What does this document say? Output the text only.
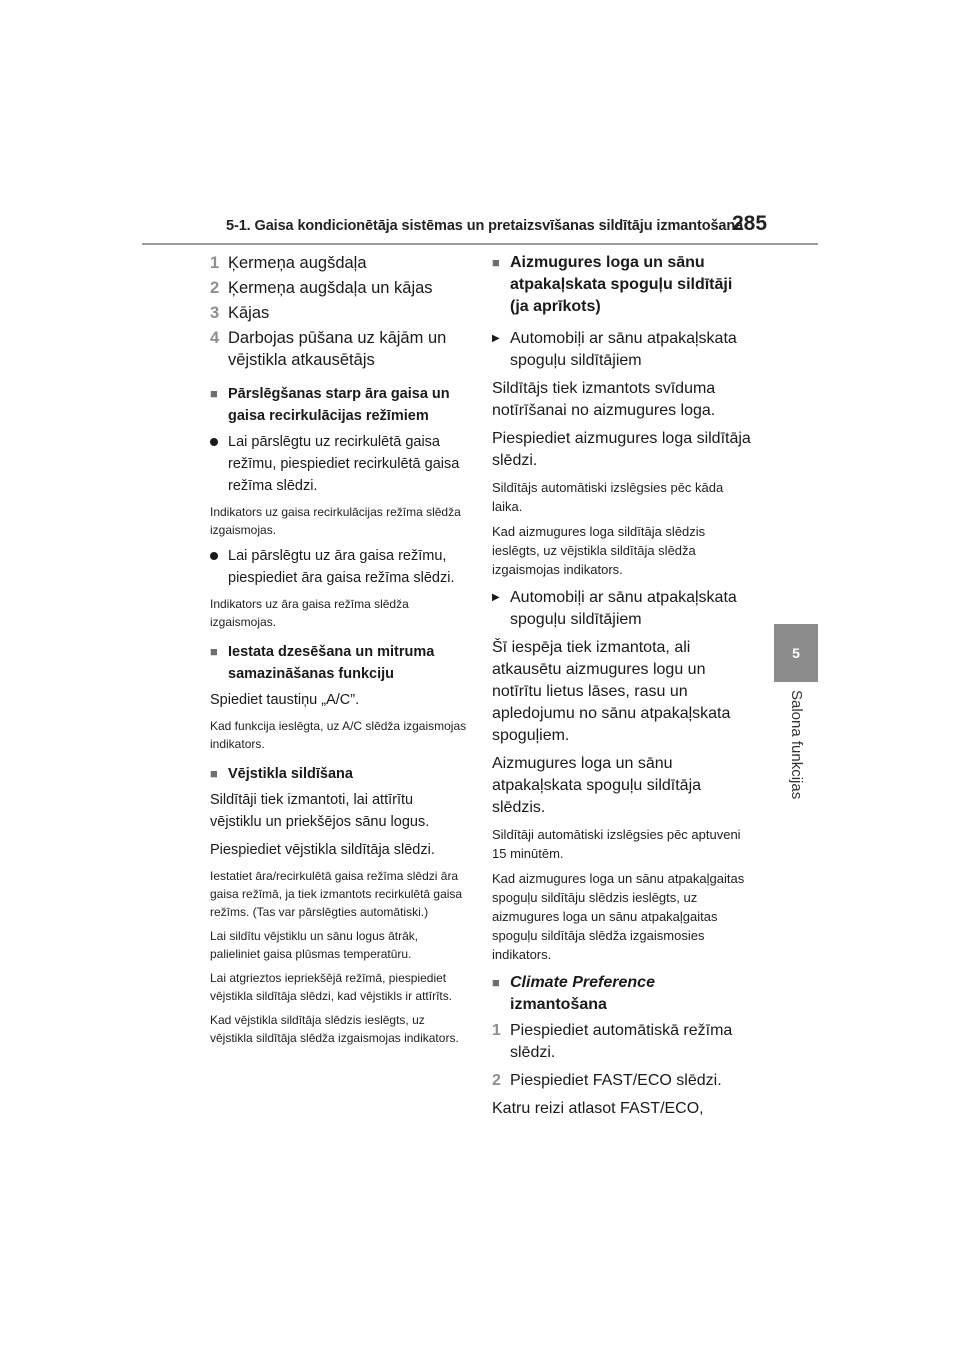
5-1. Gaisa kondicionētāja sistēmas un pretaizsvīšanas sildītāju izmantošana
285
5
Salona funkcijas
1 Ķermeņa augšdaļa
2 Ķermeņa augšdaļa un kājas
3 Kājas
4 Darbojas pūšana uz kājām un vējstikla atkausētājs
■ Pārslēgšanas starp āra gaisa un gaisa recirkulācijas režīmiem
Lai pārslēgtu uz recirkulētā gaisa režīmu, piespiediet recirkulētā gaisa režīma slēdzi.

Indikators uz gaisa recirkulācijas režīma slēdža izgaismojas.

Lai pārslēgtu uz āra gaisa režīmu, piespiediet āra gaisa režīma slēdzi.

Indikators uz āra gaisa režīma slēdža izgaismojas.

■ Iestata dzesēšana un mitruma samazināšanas funkciju

Spiediet taustiņu „A/C”.

Kad funkcija ieslēgta, uz A/C slēdža izgaismojas indikators.

■ Vējstikla sildīšana

Sildītāji tiek izmantoti, lai attīrītu vējstiklu un priekšējos sānu logus.

Piespiediet vējstikla sildītāja slēdzi.

Iestatiet āra/recirkulētā gaisa režīma slēdzi āra gaisa režīmā, ja tiek izmantots recirkulētā gaisa režīms. (Tas var pārslēgties automātiski.)

Lai sildītu vējstiklu un sānu logus ātrāk, palieliniet gaisa plūsmas temperatūru.

Lai atgrieztos iepriekšējā režīmā, piespiediet vējstikla sildītāja slēdzi, kad vējstikls ir attīrīts.

Kad vējstikla sildītāja slēdzis ieslēgts, uz vējstikla sildītāja slēdža izgaismojas indikators.

■ Aizmugures loga un sānu atpakaļskata spoguļu sildītāji (ja aprīkots)
▶ Automobiļi ar sānu atpakaļskata spoguļu sildītājiem

Sildītājs tiek izmantots svīduma notīrīšanai no aizmugures loga.

Piespiediet aizmugures loga sildītāja slēdzi.

Sildītājs automātiski izslēgsies pēc kāda laika.

Kad aizmugures loga sildītāja slēdzis ieslēgts, uz vējstikla sildītāja slēdža izgaismojas indikators.

▶ Automobiļi ar sānu atpakaļskata spoguļu sildītājiem

Šī iespēja tiek izmantota, ali atkausētu aizmugures logu un notīrītu lietus lāses, rasu un apledojumu no sānu atpakaļskata spoguļiem.

Aizmugures loga un sānu atpakaļskata spoguļu sildītāja slēdzis.

Sildītāji automātiski izslēgsies pēc aptuveni 15 minūtēm.

Kad aizmugures loga un sānu atpakaļgaitas spoguļu sildītāju slēdzis ieslēgts, uz aizmugures loga un sānu atpakaļgaitas spoguļu sildītāja slēdža izgaismosies indikators.

■ Climate Preference
izmantošana
1 Piespiediet automātiskā režīma slēdzi.
2 Piespiediet FAST/ECO slēdzi.

Katru reizi atlasot FAST/ECO,
